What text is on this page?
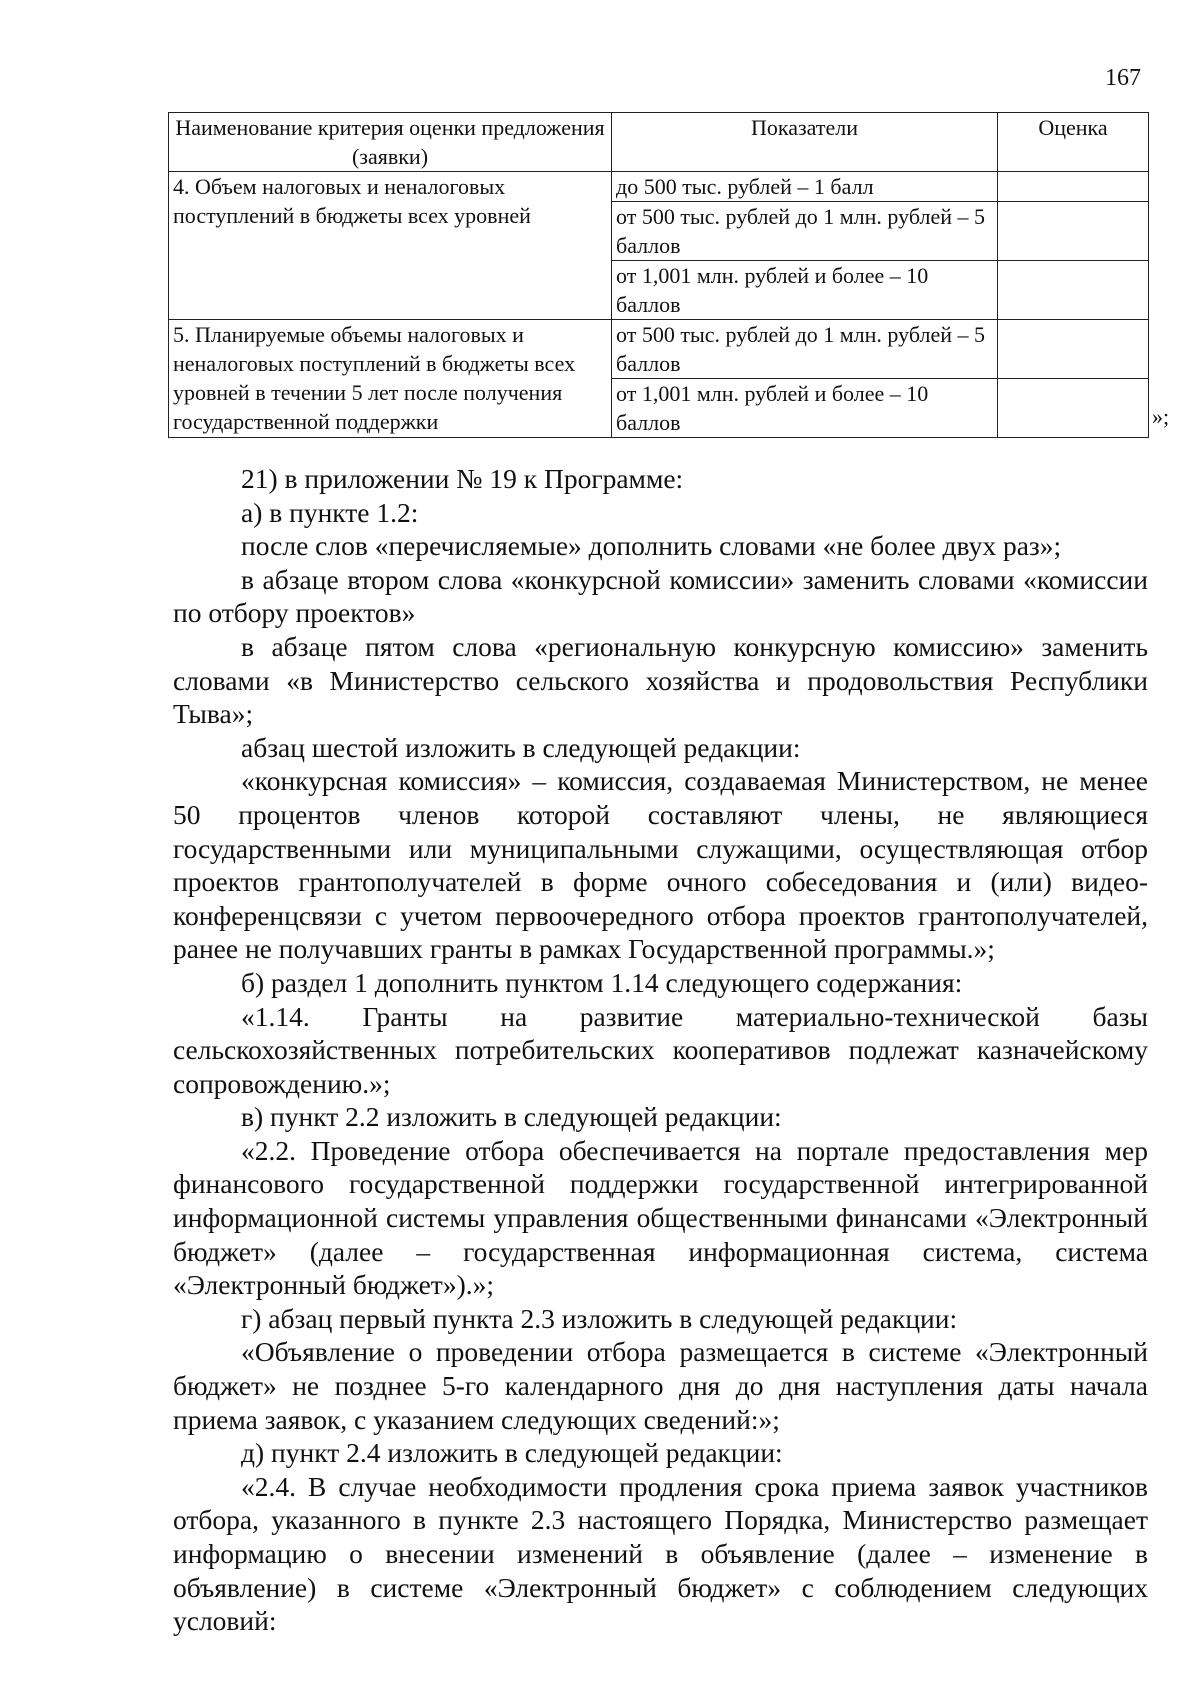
167
Наименование критерия оценки предложения (заявки)	Показатели	Оценка
4. Объем налоговых и неналоговых поступлений в бюджеты всех уровней	до 500 тыс. рублей – 1 балл	
	от 500 тыс. рублей до 1 млн. рублей – 5 баллов	
	от 1,001 млн. рублей и более – 10 баллов	
5. Планируемые объемы налоговых и неналоговых поступлений в бюджеты всех уровней в течении 5 лет после получения государственной поддержки	от 500 тыс. рублей до 1 млн. рублей – 5 баллов	
	от 1,001 млн. рублей и более – 10 баллов		»;

21) в приложении № 19 к Программе:

а) в пункте 1.2:

после слов «перечисляемые» дополнить словами «не более двух раз»;

в абзаце втором слова «конкурсной комиссии» заменить словами «комиссии по отбору проектов»

в абзаце пятом слова «региональную конкурсную комиссию» заменить словами «в Министерство сельского хозяйства и продовольствия Республики Тыва»;

абзац шестой изложить в следующей редакции:

«конкурсная комиссия» – комиссия, создаваемая Министерством, не менее 50 процентов членов которой составляют члены, не являющиеся государственными или муниципальными служащими, осуществляющая отбор проектов грантополучателей в форме очного собеседования и (или) видео-конференцсвязи с учетом первоочередного отбора проектов грантополучателей, ранее не получавших гранты в рамках Государственной программы.»;

б) раздел 1 дополнить пунктом 1.14 следующего содержания:

«1.14. Гранты на развитие материально-технической базы сельскохозяйственных потребительских кооперативов подлежат казначейскому сопровождению.»;

в) пункт 2.2 изложить в следующей редакции:

«2.2. Проведение отбора обеспечивается на портале предоставления мер финансового государственной поддержки государственной интегрированной информационной системы управления общественными финансами «Электронный бюджет» (далее – государственная информационная система, система «Электронный бюджет»).»;

г) абзац первый пункта 2.3 изложить в следующей редакции:

«Объявление о проведении отбора размещается в системе «Электронный бюджет» не позднее 5-го календарного дня до дня наступления даты начала приема заявок, с указанием следующих сведений:»;

д) пункт 2.4 изложить в следующей редакции:

«2.4. В случае необходимости продления срока приема заявок участников отбора, указанного в пункте 2.3 настоящего Порядка, Министерство размещает информацию о внесении изменений в объявление (далее – изменение в объявление) в системе «Электронный бюджет» с соблюдением следующих условий:
